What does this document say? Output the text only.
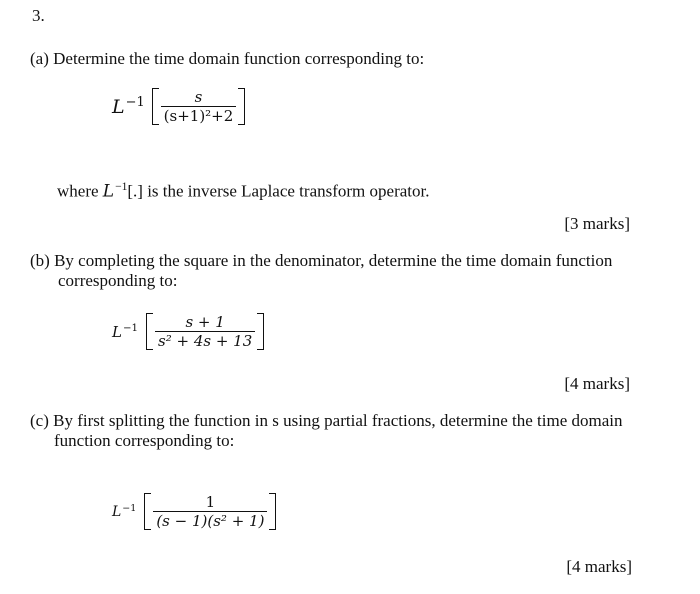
3.
(a) Determine the time domain function corresponding to:
$L^{-1} \frac{s}{\text{(s+1)²+2}}$
where $L^{-1}[.]$ is the inverse Laplace transform operator.
[3 marks]
(b) By completing the square in the denominator, determine the time domain function
corresponding to:
$L^{-1} \frac{s + 1}{\text{s² + 4s + 13}}$
[4 marks]
(c) By first splitting the function in s using partial fractions, determine the time domain
function corresponding to:
$L^{-1} \frac{1}{\text{(s − 1)(s² + 1)}}$
[4 marks]
